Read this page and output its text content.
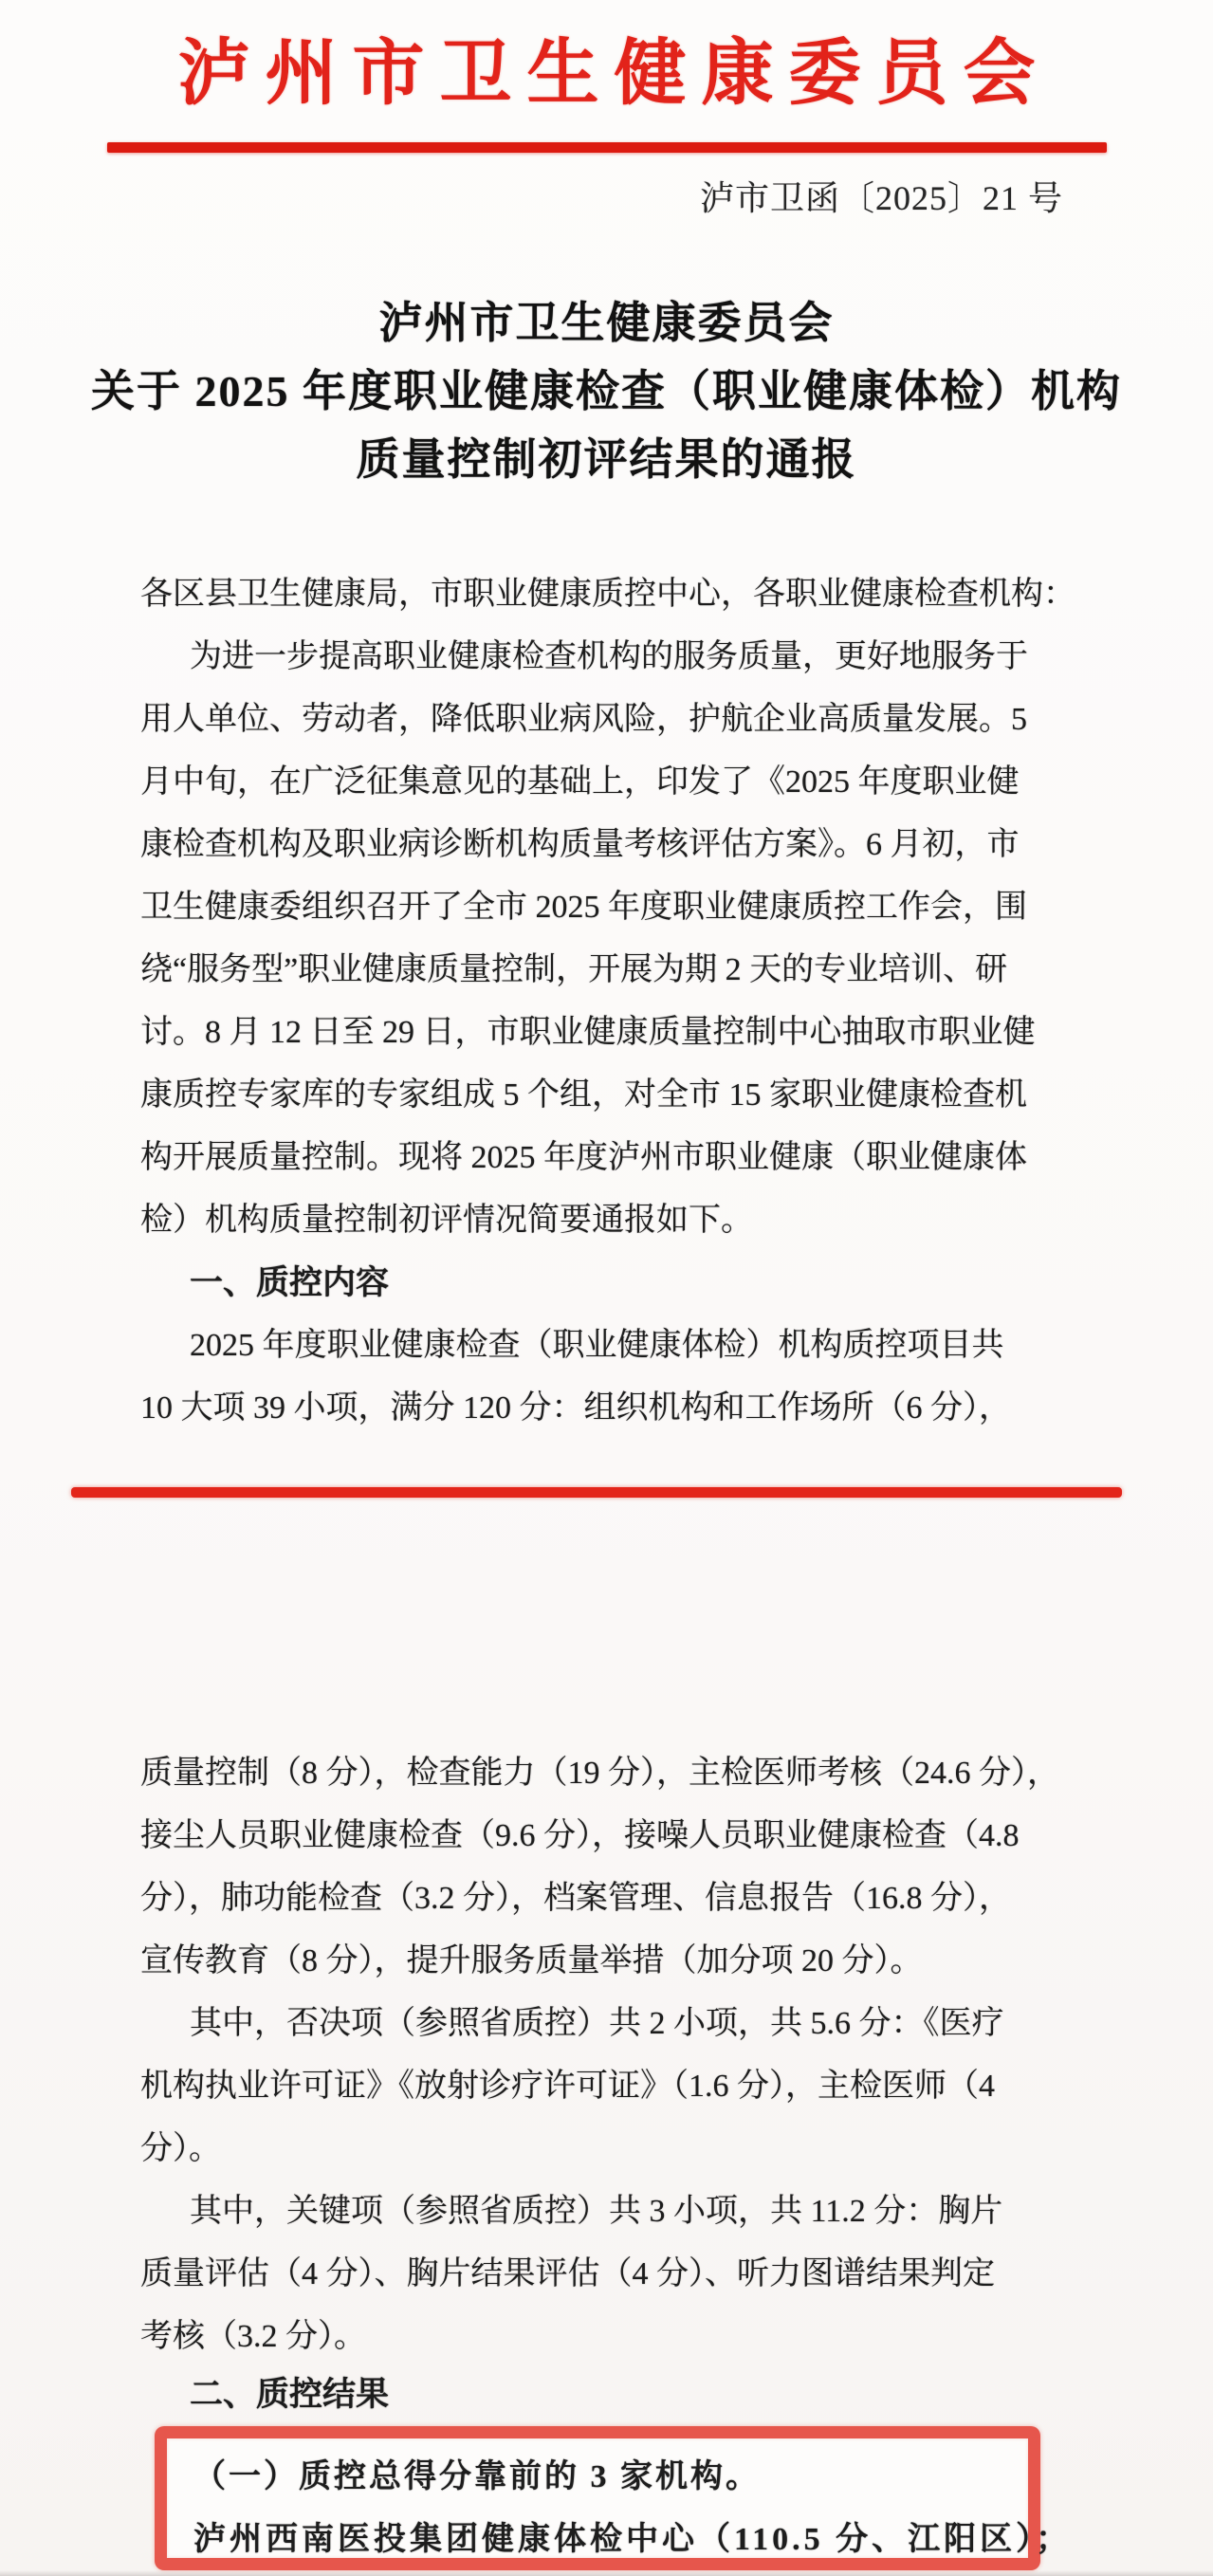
泸州市卫生健康委员会
泸市卫函〔2025〕21 号
泸州市卫生健康委员会
关于 2025 年度职业健康检查（职业健康体检）机构
质量控制初评结果的通报
各区县卫生健康局，市职业健康质控中心，各职业健康检查机构：
为进一步提高职业健康检查机构的服务质量，更好地服务于
用人单位、劳动者，降低职业病风险，护航企业高质量发展。5
月中旬，在广泛征集意见的基础上，印发了《2025 年度职业健
康检查机构及职业病诊断机构质量考核评估方案》。6 月初，市
卫生健康委组织召开了全市 2025 年度职业健康质控工作会，围
绕“服务型”职业健康质量控制，开展为期 2 天的专业培训、研
讨。8 月 12 日至 29 日，市职业健康质量控制中心抽取市职业健
康质控专家库的专家组成 5 个组，对全市 15 家职业健康检查机
构开展质量控制。现将 2025 年度泸州市职业健康（职业健康体
检）机构质量控制初评情况简要通报如下。
一、质控内容
2025 年度职业健康检查（职业健康体检）机构质控项目共
10 大项 39 小项，满分 120 分：组织机构和工作场所（6 分），
质量控制（8 分），检查能力（19 分），主检医师考核（24.6 分），
接尘人员职业健康检查（9.6 分），接噪人员职业健康检查（4.8
分），肺功能检查（3.2 分），档案管理、信息报告（16.8 分），
宣传教育（8 分），提升服务质量举措（加分项 20 分）。
其中，否决项（参照省质控）共 2 小项，共 5.6 分：《医疗
机构执业许可证》《放射诊疗许可证》（1.6 分），主检医师（4
分）。
其中，关键项（参照省质控）共 3 小项，共 11.2 分：胸片
质量评估（4 分）、胸片结果评估（4 分）、听力图谱结果判定
考核（3.2 分）。
二、质控结果
（一）质控总得分靠前的 3 家机构。
泸州西南医投集团健康体检中心（110.5 分、江阳区）；
